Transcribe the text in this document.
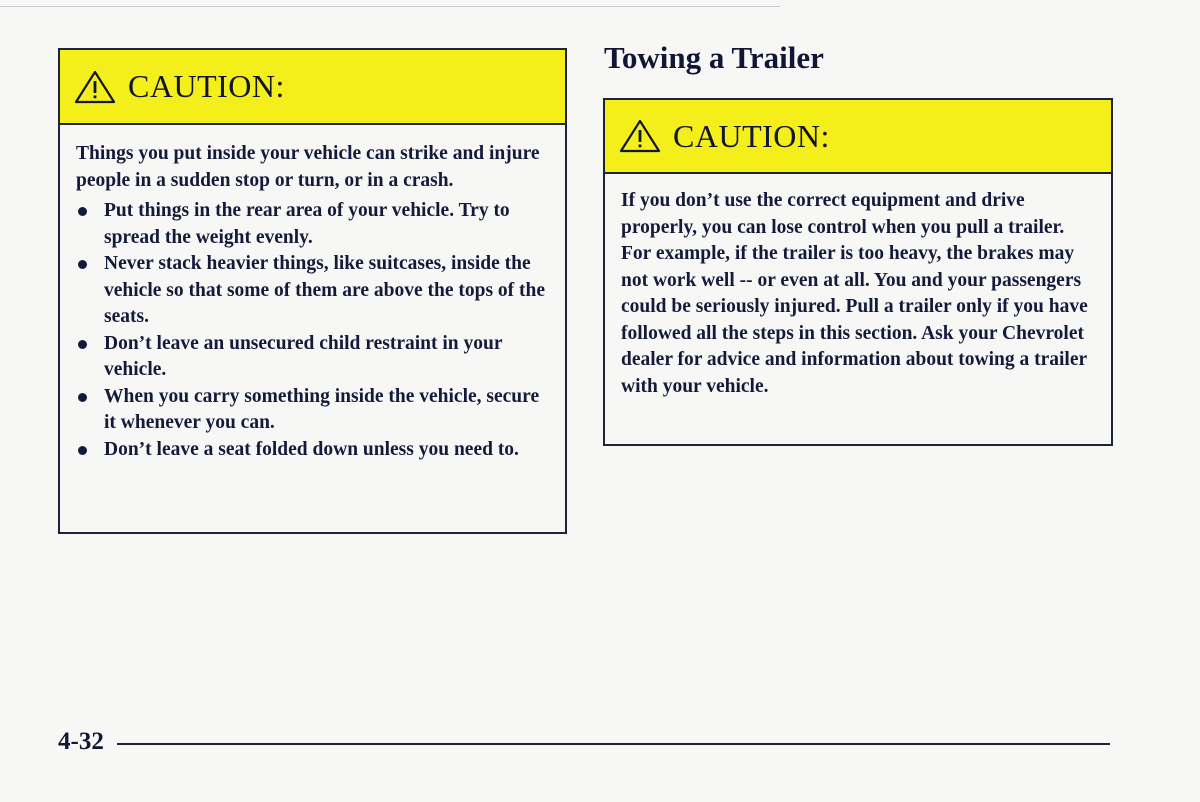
CAUTION:
Things you put inside your vehicle can strike and injure people in a sudden stop or turn, or in a crash.
Put things in the rear area of your vehicle. Try to spread the weight evenly.
Never stack heavier things, like suitcases, inside the vehicle so that some of them are above the tops of the seats.
Don’t leave an unsecured child restraint in your vehicle.
When you carry something inside the vehicle, secure it whenever you can.
Don’t leave a seat folded down unless you need to.
Towing a Trailer
CAUTION:
If you don’t use the correct equipment and drive properly, you can lose control when you pull a trailer. For example, if the trailer is too heavy, the brakes may not work well -- or even at all. You and your passengers could be seriously injured. Pull a trailer only if you have followed all the steps in this section. Ask your Chevrolet dealer for advice and information about towing a trailer with your vehicle.
4-32
